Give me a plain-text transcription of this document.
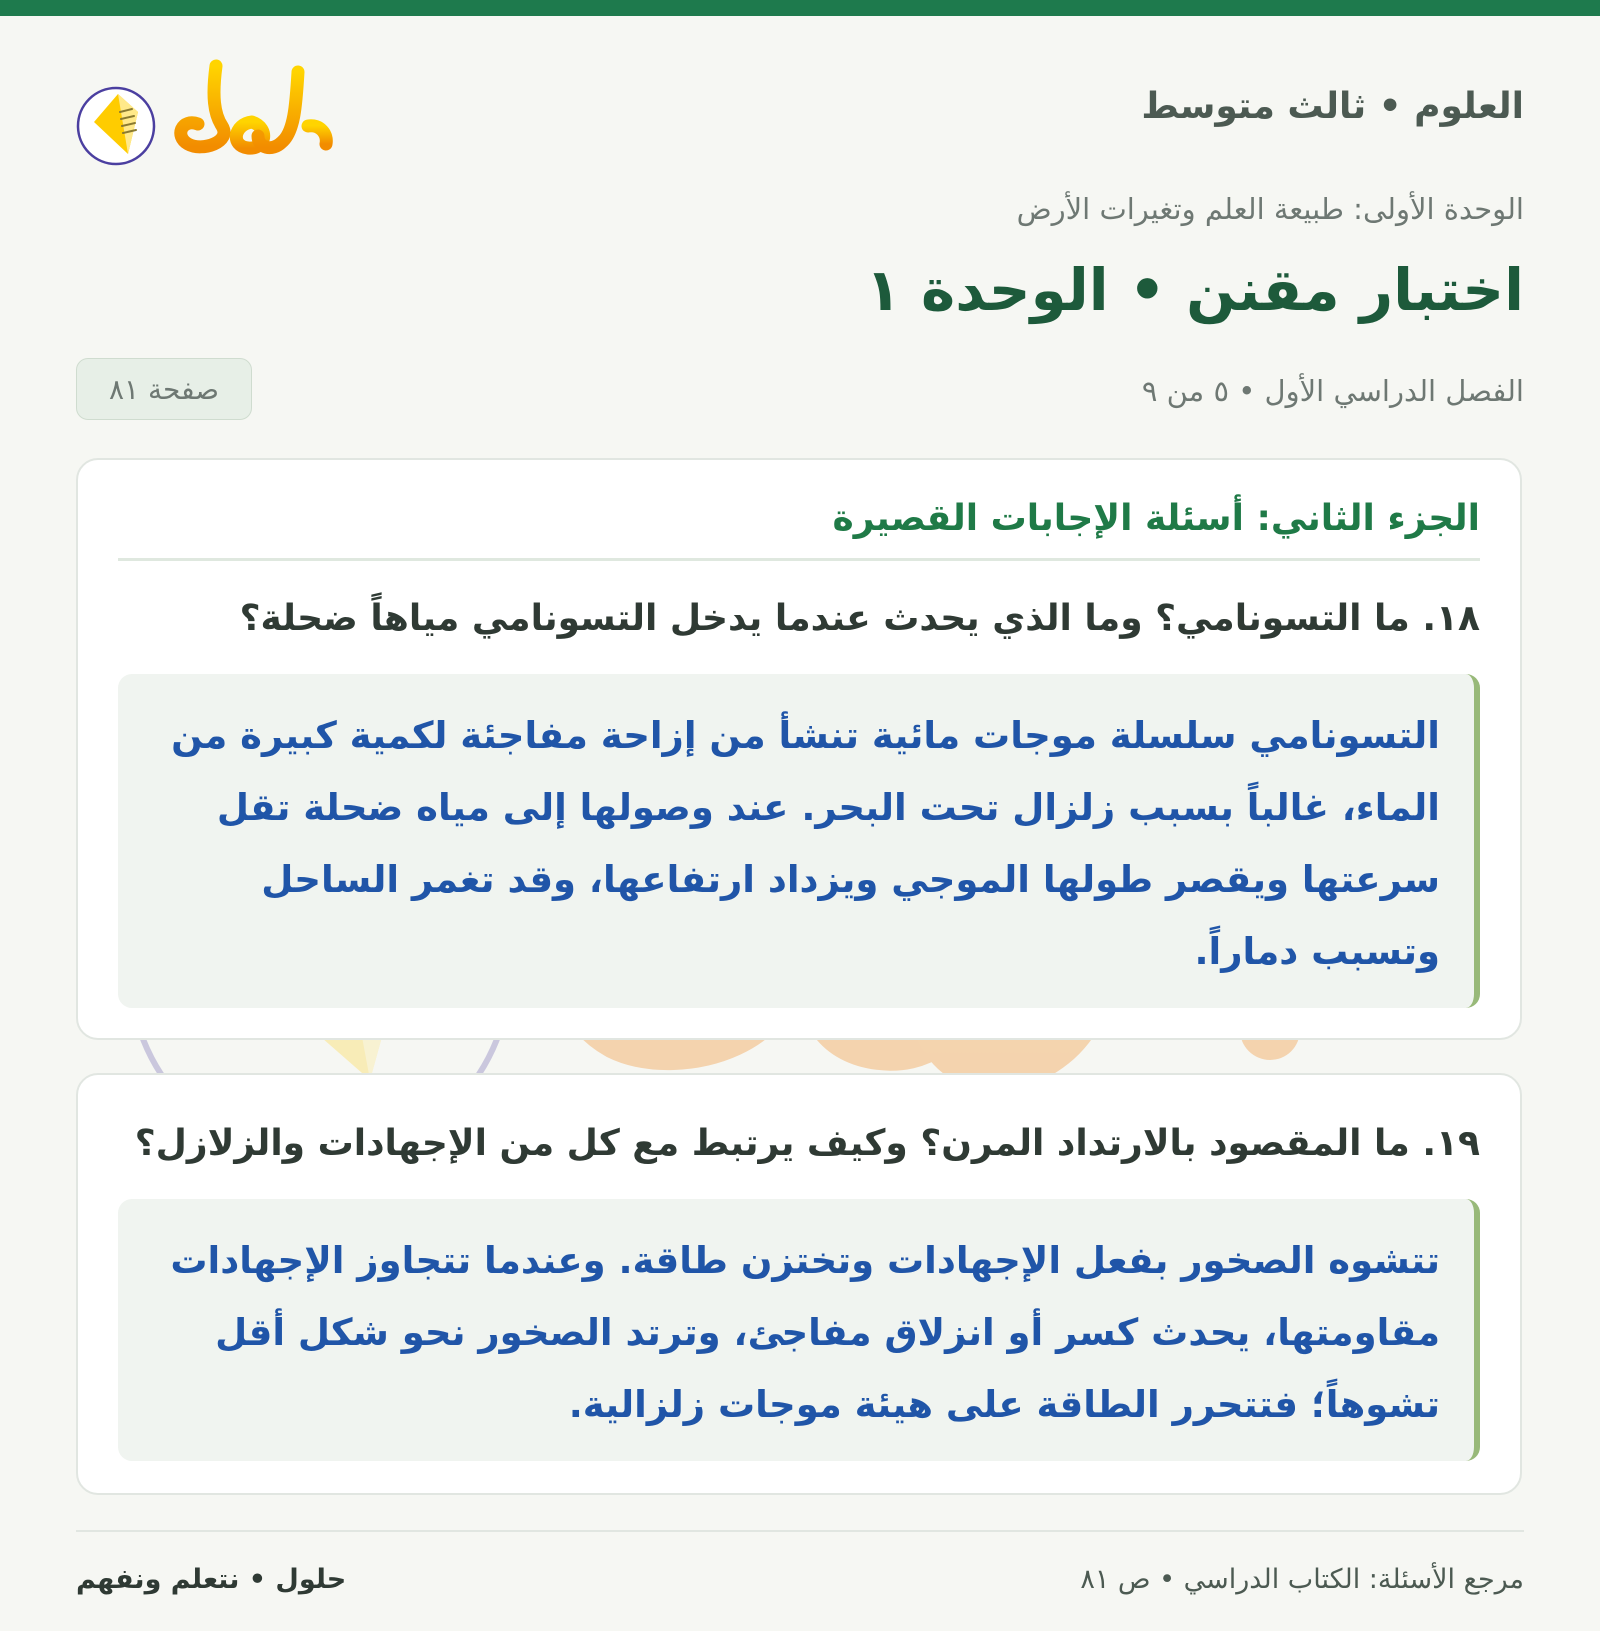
العلوم • ثالث متوسط
الوحدة الأولى: طبيعة العلم وتغيرات الأرض
اختبار مقنن • الوحدة ١
الفصل الدراسي الأول • ٥ من ٩
صفحة ٨١
الجزء الثاني: أسئلة الإجابات القصيرة
١٨. ما التسونامي؟ وما الذي يحدث عندما يدخل التسونامي مياهاً ضحلة؟
التسونامي سلسلة موجات مائية تنشأ من إزاحة مفاجئة لكمية كبيرة من الماء، غالباً بسبب زلزال تحت البحر. عند وصولها إلى مياه ضحلة تقل سرعتها ويقصر طولها الموجي ويزداد ارتفاعها، وقد تغمر الساحل وتسبب دماراً.
١٩. ما المقصود بالارتداد المرن؟ وكيف يرتبط مع كل من الإجهادات والزلازل؟
تتشوه الصخور بفعل الإجهادات وتختزن طاقة. وعندما تتجاوز الإجهادات مقاومتها، يحدث كسر أو انزلاق مفاجئ، وترتد الصخور نحو شكل أقل تشوهاً؛ فتتحرر الطاقة على هيئة موجات زلزالية.
مرجع الأسئلة: الكتاب الدراسي • ص ٨١
حلول • نتعلم ونفهم
